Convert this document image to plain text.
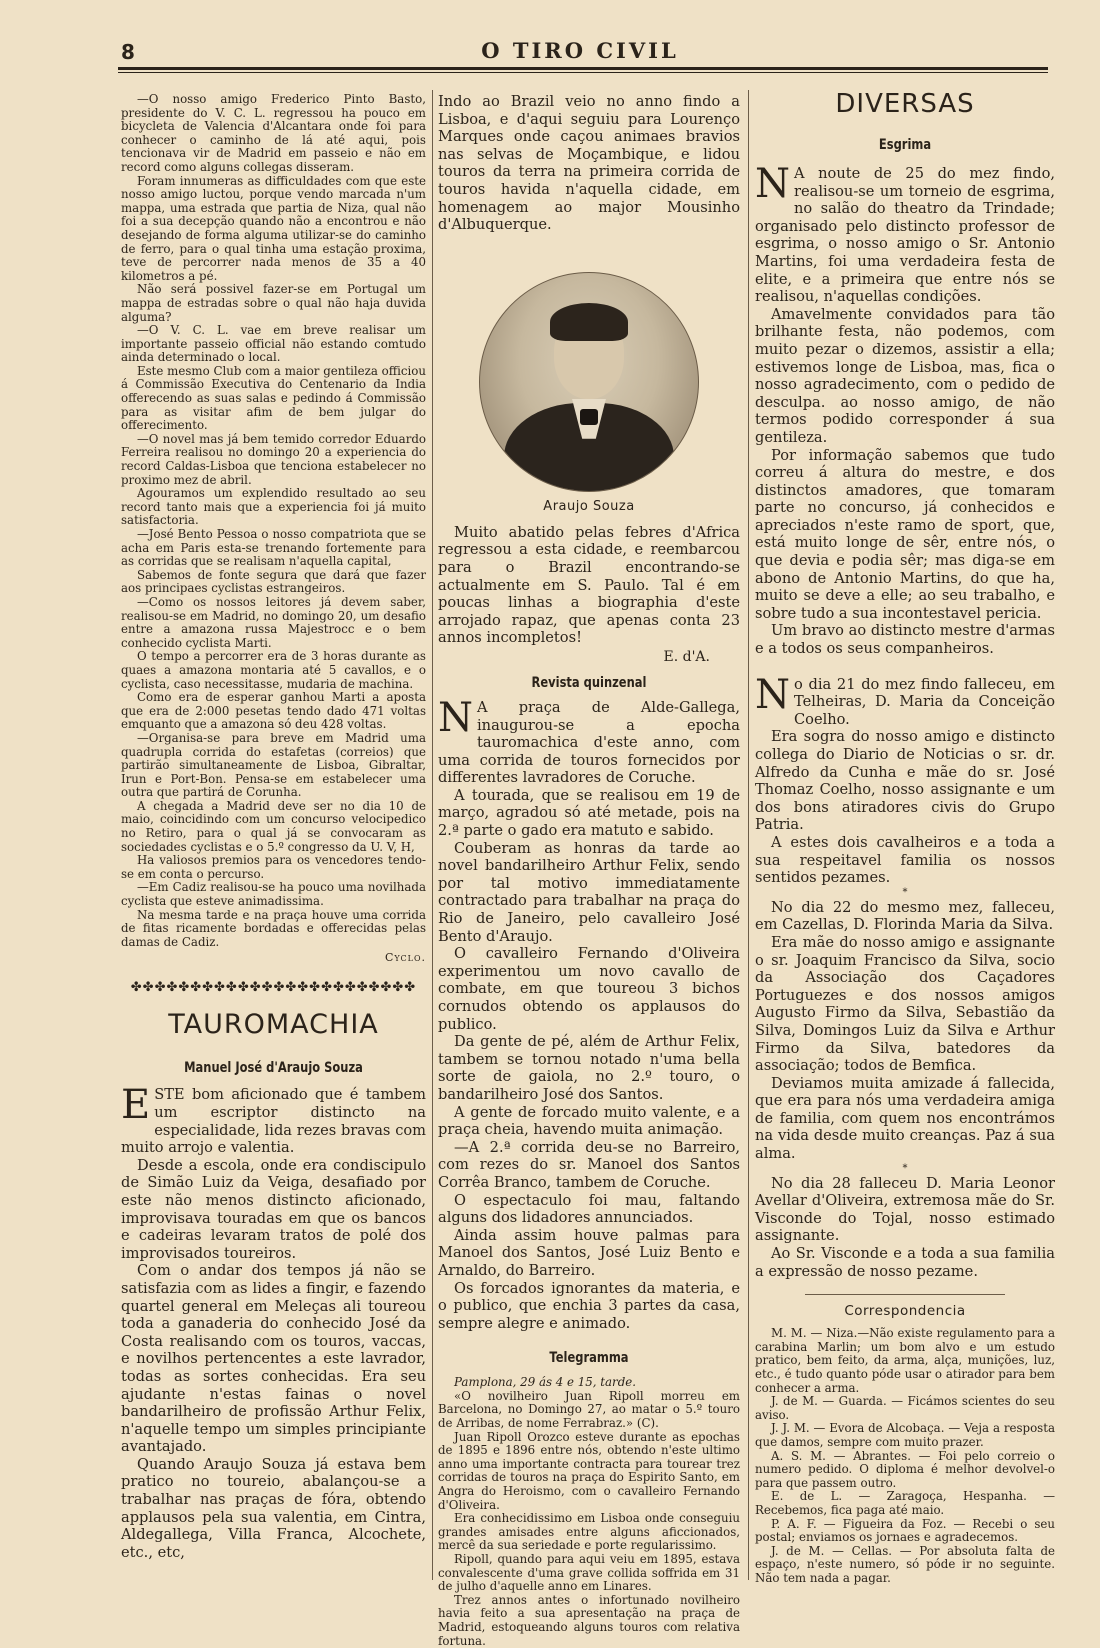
8	O TIRO CIVIL

—O nosso amigo Frederico Pinto Basto, presidente do V. C. L. regressou ha pouco em bicycleta de Valencia d'Alcantara onde foi para conhecer o caminho de lá até aqui, pois tencionava vir de Madrid em passeio e não em record como alguns collegas disseram.

Foram innumeras as difficuldades com que este nosso amigo luctou, porque vendo marcada n'um mappa, uma estrada que partia de Niza, qual não foi a sua decepção quando não a encontrou e não desejando de forma alguma utilizar-se do caminho de ferro, para o qual tinha uma estação proxima, teve de percorrer nada menos de 35 a 40 kilometros a pé.

Não será possivel fazer-se em Portugal um mappa de estradas sobre o qual não haja duvida alguma?

—O V. C. L. vae em breve realisar um importante passeio official não estando comtudo ainda determinado o local.

Este mesmo Club com a maior gentileza officiou á Commissão Executiva do Centenario da India offerecendo as suas salas e pedindo á Commissão para as visitar afim de bem julgar do offerecimento.

—O novel mas já bem temido corredor Eduardo Ferreira realisou no domingo 20 a experiencia do record Caldas-Lisboa que tenciona estabelecer no proximo mez de abril.

Agouramos um explendido resultado ao seu record tanto mais que a experiencia foi já muito satisfactoria.

—José Bento Pessoa o nosso compatriota que se acha em Paris esta-se trenando fortemente para as corridas que se realisam n'aquella capital,

Sabemos de fonte segura que dará que fazer aos principaes cyclistas estrangeiros.

—Como os nossos leitores já devem saber, realisou-se em Madrid, no domingo 20, um desafio entre a amazona russa Majestrocc e o bem conhecido cyclista Marti.

O tempo a percorrer era de 3 horas durante as quaes a amazona montaria até 5 cavallos, e o cyclista, caso necessitasse, mudaria de machina.

Como era de esperar ganhou Marti a aposta que era de 2:000 pesetas tendo dado 471 voltas emquanto que a amazona só deu 428 voltas.

—Organisa-se para breve em Madrid uma quadrupla corrida do estafetas (correios) que partirão simultaneamente de Lisboa, Gibraltar, Irun e Port-Bon. Pensa-se em estabelecer uma outra que partirá de Corunha.

A chegada a Madrid deve ser no dia 10 de maio, coincidindo com um concurso velocipedico no Retiro, para o qual já se convocaram as sociedades cyclistas e o 5.º congresso da U. V, H,

Ha valiosos premios para os vencedores tendo-se em conta o percurso.

—Em Cadiz realisou-se ha pouco uma novilhada cyclista que esteve animadissima.

Na mesma tarde e na praça houve uma corrida de fitas ricamente bordadas e offerecidas pelas damas de Cadiz.

Cyclo.

✤✤✤✤✤✤✤✤✤✤✤✤✤✤✤✤✤✤✤✤✤✤✤✤
TAUROMACHIA
Manuel José d'Araujo Souza

ESTE bom aficionado que é tambem um escriptor distincto na especialidade, lida rezes bravas com muito arrojo e valentia.

Desde a escola, onde era condiscipulo de Simão Luiz da Veiga, desafiado por este não menos distincto aficionado, improvisava touradas em que os bancos e cadeiras levaram tratos de polé dos improvisados toureiros.

Com o andar dos tempos já não se satisfazia com as lides a fingir, e fazendo quartel general em Meleças ali toureou toda a ganaderia do conhecido José da Costa realisando com os touros, vaccas, e novilhos pertencentes a este lavrador, todas as sortes conhecidas. Era seu ajudante n'estas fainas o novel bandarilheiro de profissão Arthur Felix, n'aquelle tempo um simples principiante avantajado.

Quando Araujo Souza já estava bem pratico no toureio, abalançou-se a trabalhar nas praças de fóra, obtendo applausos pela sua valentia, em Cintra, Aldegallega, Villa Franca, Alcochete, etc., etc,

Indo ao Brazil veio no anno findo a Lisboa, e d'aqui seguiu para Lourenço Marques onde caçou animaes bravios nas selvas de Moçambique, e lidou touros da terra na primeira corrida de touros havida n'aquella cidade, em homenagem ao major Mousinho d'Albuquerque.

Araujo Souza

Muito abatido pelas febres d'Africa regressou a esta cidade, e reembarcou para o Brazil encontrando-se actualmente em S. Paulo. Tal é em poucas linhas a biographia d'este arrojado rapaz, que apenas conta 23 annos incompletos!

E. d'A.

Revista quinzenal

N A praça de Alde-Gallega, inaugurou-se a epocha tauromachica d'este anno, com uma corrida de touros fornecidos por differentes lavradores de Coruche.

A tourada, que se realisou em 19 de março, agradou só até metade, pois na 2.ª parte o gado era matuto e sabido.

Couberam as honras da tarde ao novel bandarilheiro Arthur Felix, sendo por tal motivo immediatamente contractado para trabalhar na praça do Rio de Janeiro, pelo cavalleiro José Bento d'Araujo.

O cavalleiro Fernando d'Oliveira experimentou um novo cavallo de combate, em que toureou 3 bichos cornudos obtendo os applausos do publico.

Da gente de pé, além de Arthur Felix, tambem se tornou notado n'uma bella sorte de gaiola, no 2.º touro, o bandarilheiro José dos Santos.

A gente de forcado muito valente, e a praça cheia, havendo muita animação.

—A 2.ª corrida deu-se no Barreiro, com rezes do sr. Manoel dos Santos Corrêa Branco, tambem de Coruche.

O espectaculo foi mau, faltando alguns dos lidadores annunciados.

Ainda assim houve palmas para Manoel dos Santos, José Luiz Bento e Arnaldo, do Barreiro.

Os forcados ignorantes da materia, e o publico, que enchia 3 partes da casa, sempre alegre e animado.

Telegramma

Pamplona, 29 ás 4 e 15, tarde.

«O novilheiro Juan Ripoll morreu em Barcelona, no Domingo 27, ao matar o 5.º touro de Arribas, de nome Ferrabraz.» (C).

Juan Ripoll Orozco esteve durante as epochas de 1895 e 1896 entre nós, obtendo n'este ultimo anno uma importante contracta para tourear trez corridas de touros na praça do Espirito Santo, em Angra do Heroismo, com o cavalleiro Fernando d'Oliveira.

Era conhecidissimo em Lisboa onde conseguiu grandes amisades entre alguns aficcionados, mercê da sua seriedade e porte regularissimo.

Ripoll, quando para aqui veiu em 1895, estava convalescente d'uma grave collida soffrida em 31 de julho d'aquelle anno em Linares.

Trez annos antes o infortunado novilheiro havia feito a sua apresentação na praça de Madrid, estoqueando alguns touros com relativa fortuna.

DIVERSAS
Esgrima

N A noute de 25 do mez findo, realisou-se um torneio de esgrima, no salão do theatro da Trindade; organisado pelo distincto professor de esgrima, o nosso amigo o Sr. Antonio Martins, foi uma verdadeira festa de elite, e a primeira que entre nós se realisou, n'aquellas condições.

Amavelmente convidados para tão brilhante festa, não podemos, com muito pezar o dizemos, assistir a ella; estivemos longe de Lisboa, mas, fica o nosso agradecimento, com o pedido de desculpa. ao nosso amigo, de não termos podido corresponder á sua gentileza.

Por informação sabemos que tudo correu á altura do mestre, e dos distinctos amadores, que tomaram parte no concurso, já conhecidos e apreciados n'este ramo de sport, que, está muito longe de sêr, entre nós, o que devia e podia sêr; mas diga-se em abono de Antonio Martins, do que ha, muito se deve a elle; ao seu trabalho, e sobre tudo a sua incontestavel pericia.

Um bravo ao distincto mestre d'armas e a todos os seus companheiros.

No dia 21 do mez findo falleceu, em Telheiras, D. Maria da Conceição Coelho.

Era sogra do nosso amigo e distincto collega do Diario de Noticias o sr. dr. Alfredo da Cunha e mãe do sr. José Thomaz Coelho, nosso assignante e um dos bons atiradores civis do Grupo Patria.

A estes dois cavalheiros e a toda a sua respeitavel familia os nossos sentidos pezames.

*

No dia 22 do mesmo mez, falleceu, em Cazellas, D. Florinda Maria da Silva.

Era mãe do nosso amigo e assignante o sr. Joaquim Francisco da Silva, socio da Associação dos Caçadores Portuguezes e dos nossos amigos Augusto Firmo da Silva, Sebastião da Silva, Domingos Luiz da Silva e Arthur Firmo da Silva, batedores da associação; todos de Bemfica.

Deviamos muita amizade á fallecida, que era para nós uma verdadeira amiga de familia, com quem nos encontrámos na vida desde muito creanças. Paz á sua alma.

*

No dia 28 falleceu D. Maria Leonor Avellar d'Oliveira, extremosa mãe do Sr. Visconde do Tojal, nosso estimado assignante.

Ao Sr. Visconde e a toda a sua familia a expressão de nosso pezame.

Correspondencia

M. M. — Niza.—Não existe regulamento para a carabina Marlin; um bom alvo e um estudo pratico, bem feito, da arma, alça, munições, luz, etc., é tudo quanto póde usar o atirador para bem conhecer a arma.

J. de M. — Guarda. — Ficámos scientes do seu aviso.

J. J. M. — Evora de Alcobaça. — Veja a resposta que damos, sempre com muito prazer.

A. S. M. — Abrantes. — Foi pelo correio o numero pedido. O diploma é melhor devolvel-o para que passem outro.

E. de L. — Zaragoça, Hespanha. — Recebemos, fica paga até maio.

P. A. F. — Figueira da Foz. — Recebi o seu postal; enviamos os jornaes e agradecemos.

J. de M. — Cellas. — Por absoluta falta de espaço, n'este numero, só póde ir no seguinte. Não tem nada a pagar.
